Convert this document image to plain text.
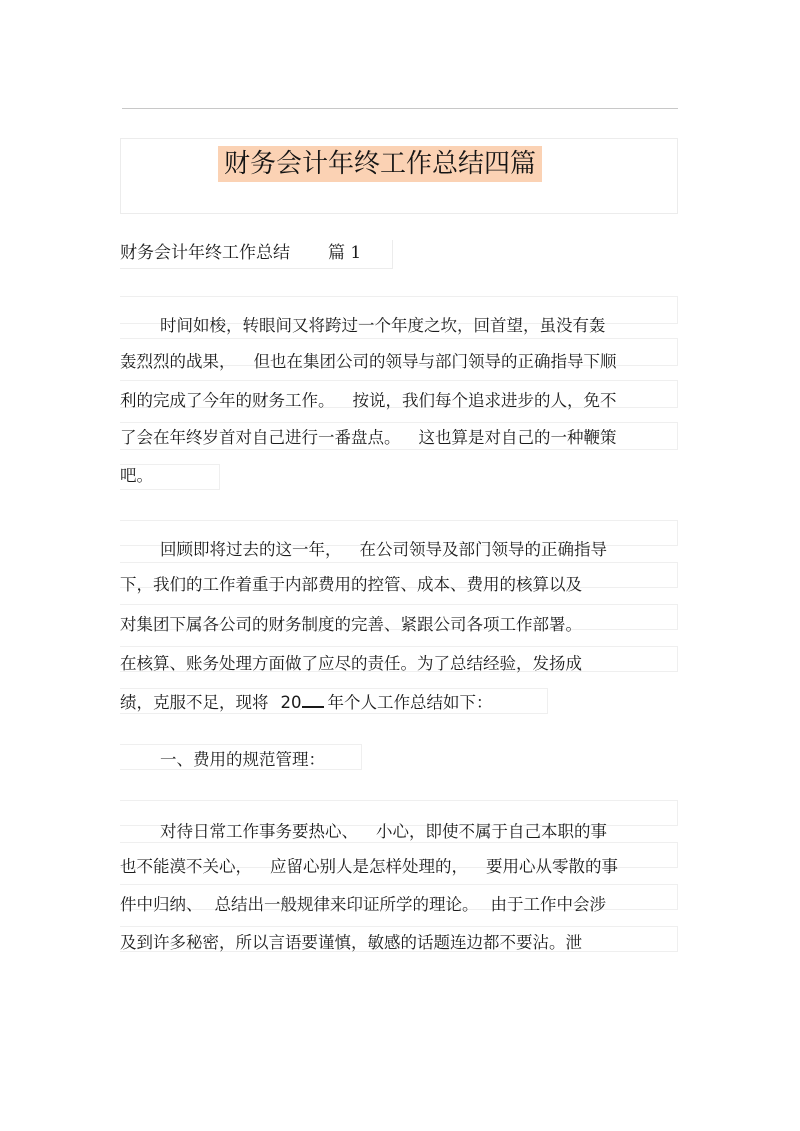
财务会计年终工作总结四篇
财务会计年终工作总结 篇 1
时间如梭，转眼间又将跨过一个年度之坎，回首望，虽没有轰
轰烈烈的战果， 但也在集团公司的领导与部门领导的正确指导下顺
利的完成了今年的财务工作。 按说，我们每个追求进步的人，免不
了会在年终岁首对自己进行一番盘点。 这也算是对自己的一种鞭策
吧。
回顾即将过去的这一年， 在公司领导及部门领导的正确指导
下，我们的工作着重于内部费用的控管、成本、费用的核算以及
对集团下属各公司的财务制度的完善、紧跟公司各项工作部署。
在核算、账务处理方面做了应尽的责任。为了总结经验，发扬成
绩，克服不足，现将 20 年个人工作总结如下：
一、费用的规范管理：
对待日常工作事务要热心、 小心，即使不属于自己本职的事
也不能漠不关心， 应留心别人是怎样处理的， 要用心从零散的事
件中归纳、 总结出一般规律来印证所学的理论。 由于工作中会涉
及到许多秘密，所以言语要谨慎，敏感的话题连边都不要沾。泄
